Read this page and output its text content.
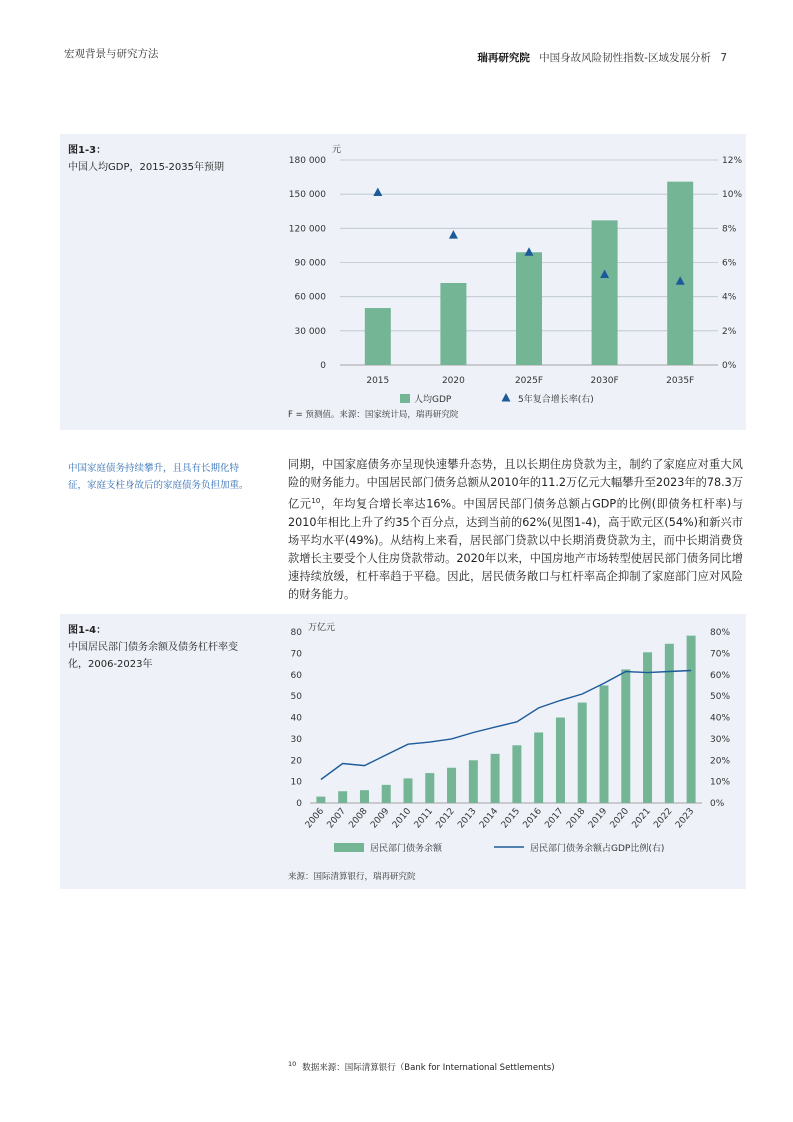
宏观背景与研究方法	瑞再研究院 中国身故风险韧性指数-区域发展分析 7
图1-3：
中国人均GDP，2015-2035年预期
0
30 000
60 000
90 000
120 000
150 000
180 000
0%
2%
4%
6%
8%
10%
12%
元
2015	2020	2025F	2030F	2035F
人均GDP	5年复合增长率(右)
F = 预测值。来源：国家统计局，瑞再研究院
中国家庭债务持续攀升，且具有长期化特征，家庭支柱身故后的家庭债务负担加重。
同期，中国家庭债务亦呈现快速攀升态势，且以长期住房贷款为主，制约了家庭应对重大风险的财务能力。中国居民部门债务总额从2010年的11.2万亿元大幅攀升至2023年的78.3万亿元$^{10}$，年均复合增长率达16%。中国居民部门债务总额占GDP的比例(即债务杠杆率)与2010年相比上升了约35个百分点，达到当前的62%(见图1-4)，高于欧元区(54%)和新兴市场平均水平(49%)。从结构上来看，居民部门贷款以中长期消费贷款为主，而中长期消费贷款增长主要受个人住房贷款带动。2020年以来，中国房地产市场转型使居民部门债务同比增速持续放缓，杠杆率趋于平稳。因此，居民债务敞口与杠杆率高企抑制了家庭部门应对风险的财务能力。
图1-4：
中国居民部门债务余额及债务杠杆率变化，2006-2023年
0
10
20
30
40
50
60
70
80
0%
10%
20%
30%
40%
50%
60%
70%
80%
万亿元
2006 2007 2008 2009 2010 2011 2012 2013 2014 2015 2016 2017 2018 2019 2020 2021 2022 2023
居民部门债务余额	居民部门债务余额占GDP比例(右)
来源：国际清算银行，瑞再研究院
$^{10}$ 数据来源：国际清算银行（Bank for International Settlements)
